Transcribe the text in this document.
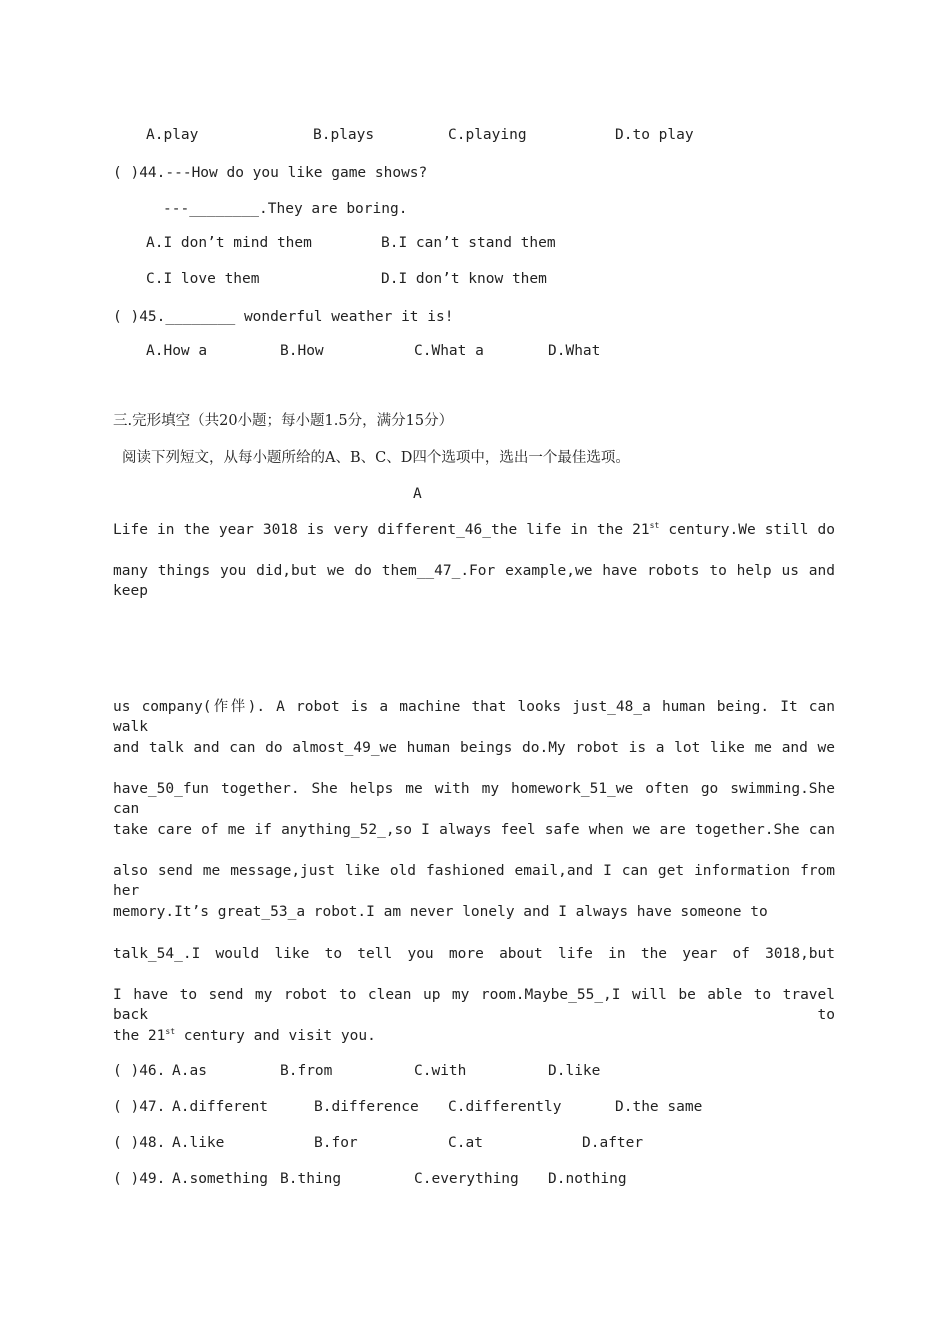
A.play	B.plays	C.playing	D.to play
( )44.---How do you like game shows?
---________.They are boring.
A.I don’t mind them	B.I can’t stand them
C.I love them	D.I don’t know them
( )45.________ wonderful weather it is!
A.How a	B.How	C.What a	D.What
三.完形填空（共20小题；每小题1.5分，满分15分）
阅读下列短文，从每小题所给的A、B、C、D四个选项中，选出一个最佳选项。
A
Life in the year 3018 is very different_46_the life in the 21st century.We still do
many things you did,but we do them__47_.For example,we have robots to help us and keep
us company(作伴). A robot is a machine that looks just_48_a human being. It can walk
and talk and can do almost_49_we human beings do.My robot is a lot like me and we
have_50_fun together. She helps me with my homework_51_we often go swimming.She can
take care of me if anything_52_,so I always feel safe when we are together.She can
also send me message,just like old fashioned email,and I can get information from her
memory.It’s great_53_a robot.I am never lonely and I always have someone to
talk_54_.I would like to tell you more about life in the year of 3018,but
I have to send my robot to clean up my room.Maybe_55_,I will be able to travel back to
the 21st century and visit you.
( )46. A.as	B.from	C.with	D.like
( )47. A.different	B.difference C.differently	D.the same
( )48. A.like	B.for	C.at	D.after
( )49. A.something B.thing	C.everything D.nothing
